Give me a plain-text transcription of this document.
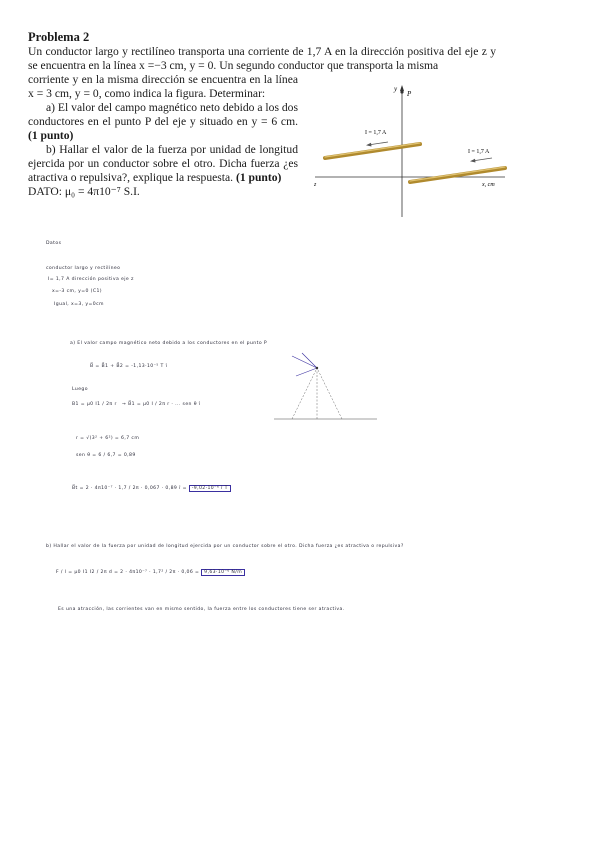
Problema 2

Un conductor largo y rectilíneo transporta una corriente de 1,7 A en la dirección positiva del eje z y se encuentra en la línea x =−3 cm, y = 0. Un segundo conductor que transporta la misma

corriente y en la misma dirección se encuentra en la línea x = 3 cm, y = 0, como indica la figura. Determinar:

a) El valor del campo magnético neto debido a los dos conductores en el punto P del eje y situado en y = 6 cm. (1 punto)

b) Hallar el valor de la fuerza por unidad de longitud ejercida por un conductor sobre el otro. Dicha fuerza ¿es atractiva o repulsiva?, explique la respuesta. (1 punto)

DATO: μ₀ = 4π10⁻⁷ S.I.

y
P
z	x, cm
I = 1,7 A
I = 1,7 A
Datos
conductor largo y rectilíneo
I= 1,7 A dirección positiva eje z
x=-3 cm, y=0 (C1)
Igual, x=3, y=0cm
a) El valor campo magnético neto debido a los conductores en el punto P
B⃗ = B⃗1 + B⃗2 = -1,13·10⁻⁵ T î
Luego
B1 = μ0 I1 / 2π r → B⃗1 = μ0 I / 2π r · ... sen θ î
r = √(3² + 6²) = 6,7 cm
sen θ = 6 / 6,7 = 0,89
B⃗t = 2 · 4π10⁻⁷ · 1,7 / 2π · 0,067 · 0,89 î = -9,02·10⁻⁶ î T
b) Hallar el valor de la fuerza por unidad de longitud ejercida por un conductor sobre el otro. Dicha fuerza ¿es atractiva o repulsiva?
F / l = μ0 I1 I2 / 2π d = 2 · 4π10⁻⁷ · 1,7² / 2π · 0,06 = 9,63·10⁻⁶ N/m
Es una atracción, las corrientes van en mismo sentido, la fuerza entre los conductores tiene ser atractiva.
